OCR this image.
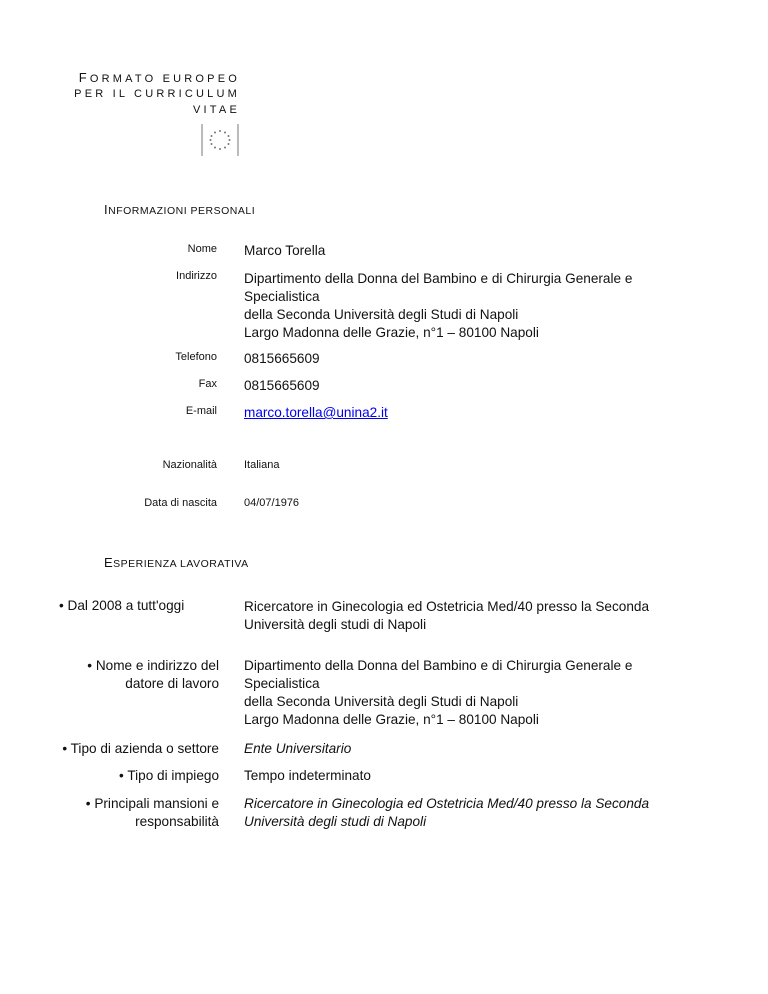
FORMATO EUROPEO
PER IL CURRICULUM
VITAE
INFORMAZIONI PERSONALI
Nome Marco Torella
Indirizzo Dipartimento della Donna del Bambino e di Chirurgia Generale e
Specialistica
della Seconda Università degli Studi di Napoli
Largo Madonna delle Grazie, n°1 – 80100 Napoli
Telefono 0815665609
Fax 0815665609
E-mail marco.torella@unina2.it
Nazionalità Italiana
Data di nascita 04/07/1976
ESPERIENZA LAVORATIVA
• Dal 2008 a tutt'oggi	Ricercatore in Ginecologia ed Ostetricia Med/40 presso la Seconda
Università degli studi di Napoli
• Nome e indirizzo del
datore di lavoro
Dipartimento della Donna del Bambino e di Chirurgia Generale e
Specialistica
della Seconda Università degli Studi di Napoli
Largo Madonna delle Grazie, n°1 – 80100 Napoli
• Tipo di azienda o settore Ente Universitario
• Tipo di impiego Tempo indeterminato
• Principali mansioni e
responsabilità
Ricercatore in Ginecologia ed Ostetricia Med/40 presso la Seconda
Università degli studi di Napoli
